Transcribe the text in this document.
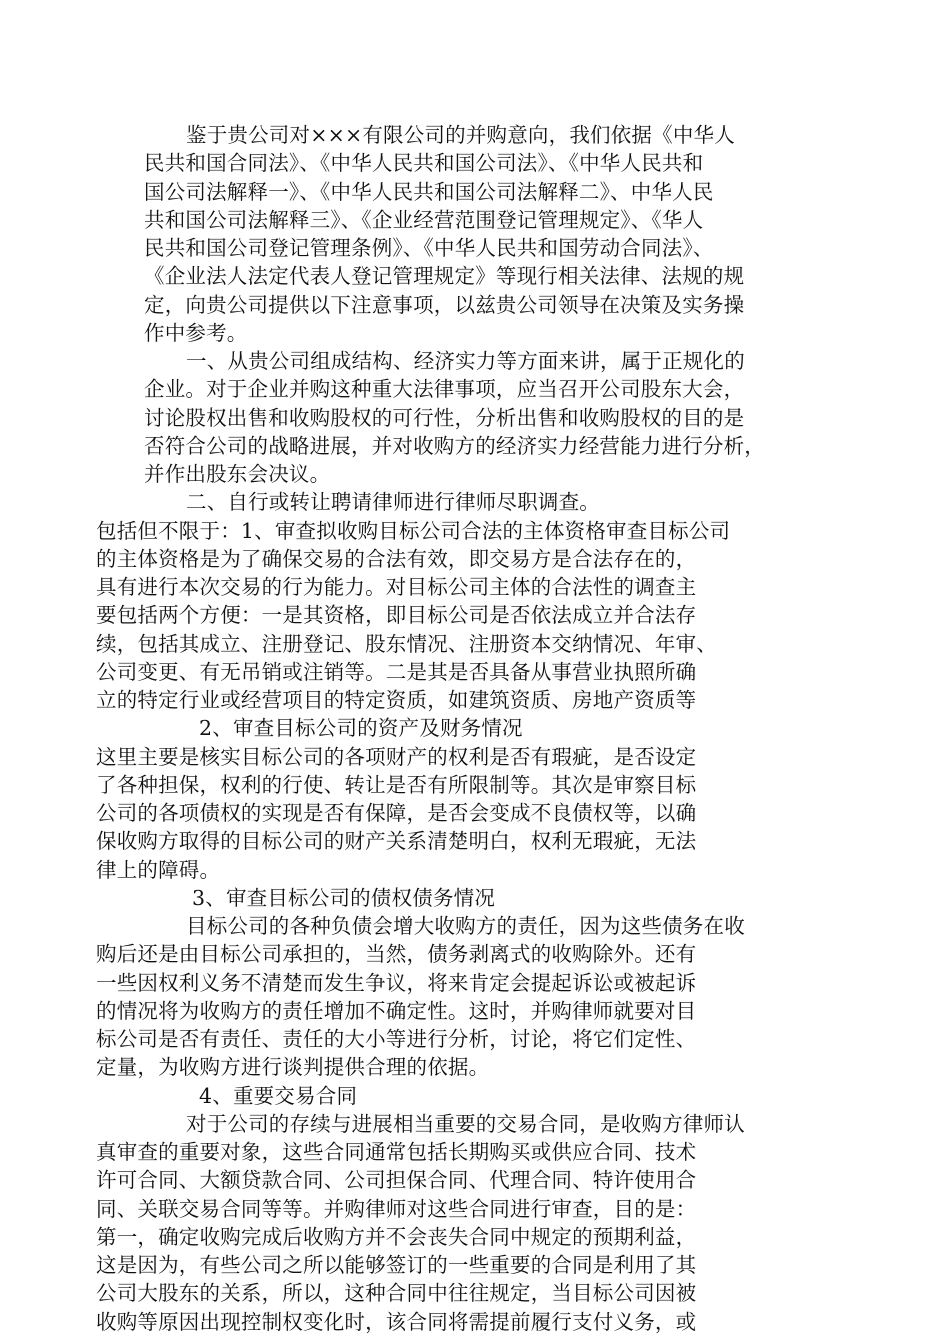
鉴于贵公司对×××有限公司的并购意向，我们依据《中华人
民共和国合同法》、《中华人民共和国公司法》、《中华人民共和
国公司法解释一》、《中华人民共和国公司法解释二》、中华人民
共和国公司法解释三》、《企业经营范围登记管理规定》、《华人
民共和国公司登记管理条例》、《中华人民共和国劳动合同法》、
《企业法人法定代表人登记管理规定》等现行相关法律、法规的规
定，向贵公司提供以下注意事项，以兹贵公司领导在决策及实务操
作中参考。
一、从贵公司组成结构、经济实力等方面来讲，属于正规化的
企业。对于企业并购这种重大法律事项，应当召开公司股东大会，
讨论股权出售和收购股权的可行性，分析出售和收购股权的目的是
否符合公司的战略进展，并对收购方的经济实力经营能力进行分析，
并作出股东会决议。
二、自行或转让聘请律师进行律师尽职调查。
包括但不限于：1、审查拟收购目标公司合法的主体资格审查目标公司
的主体资格是为了确保交易的合法有效，即交易方是合法存在的，
具有进行本次交易的行为能力。对目标公司主体的合法性的调查主
要包括两个方便：一是其资格，即目标公司是否依法成立并合法存
续，包括其成立、注册登记、股东情况、注册资本交纳情况、年审、
公司变更、有无吊销或注销等。二是其是否具备从事营业执照所确
立的特定行业或经营项目的特定资质，如建筑资质、房地产资质等
2、审查目标公司的资产及财务情况
这里主要是核实目标公司的各项财产的权利是否有瑕疵，是否设定
了各种担保，权利的行使、转让是否有所限制等。其次是审察目标
公司的各项债权的实现是否有保障，是否会变成不良债权等，以确
保收购方取得的目标公司的财产关系清楚明白，权利无瑕疵，无法
律上的障碍。
3、审查目标公司的债权债务情况
目标公司的各种负债会增大收购方的责任，因为这些债务在收
购后还是由目标公司承担的，当然，债务剥离式的收购除外。还有
一些因权利义务不清楚而发生争议，将来肯定会提起诉讼或被起诉
的情况将为收购方的责任增加不确定性。这时，并购律师就要对目
标公司是否有责任、责任的大小等进行分析，讨论，将它们定性、
定量，为收购方进行谈判提供合理的依据。
4、重要交易合同
对于公司的存续与进展相当重要的交易合同，是收购方律师认
真审查的重要对象，这些合同通常包括长期购买或供应合同、技术
许可合同、大额贷款合同、公司担保合同、代理合同、特许使用合
同、关联交易合同等等。并购律师对这些合同进行审查，目的是：
第一，确定收购完成后收购方并不会丧失合同中规定的预期利益，
这是因为，有些公司之所以能够签订的一些重要的合同是利用了其
公司大股东的关系，所以，这种合同中往往规定，当目标公司因被
收购等原因出现控制权变化时，该合同将需提前履行支付义务，或
